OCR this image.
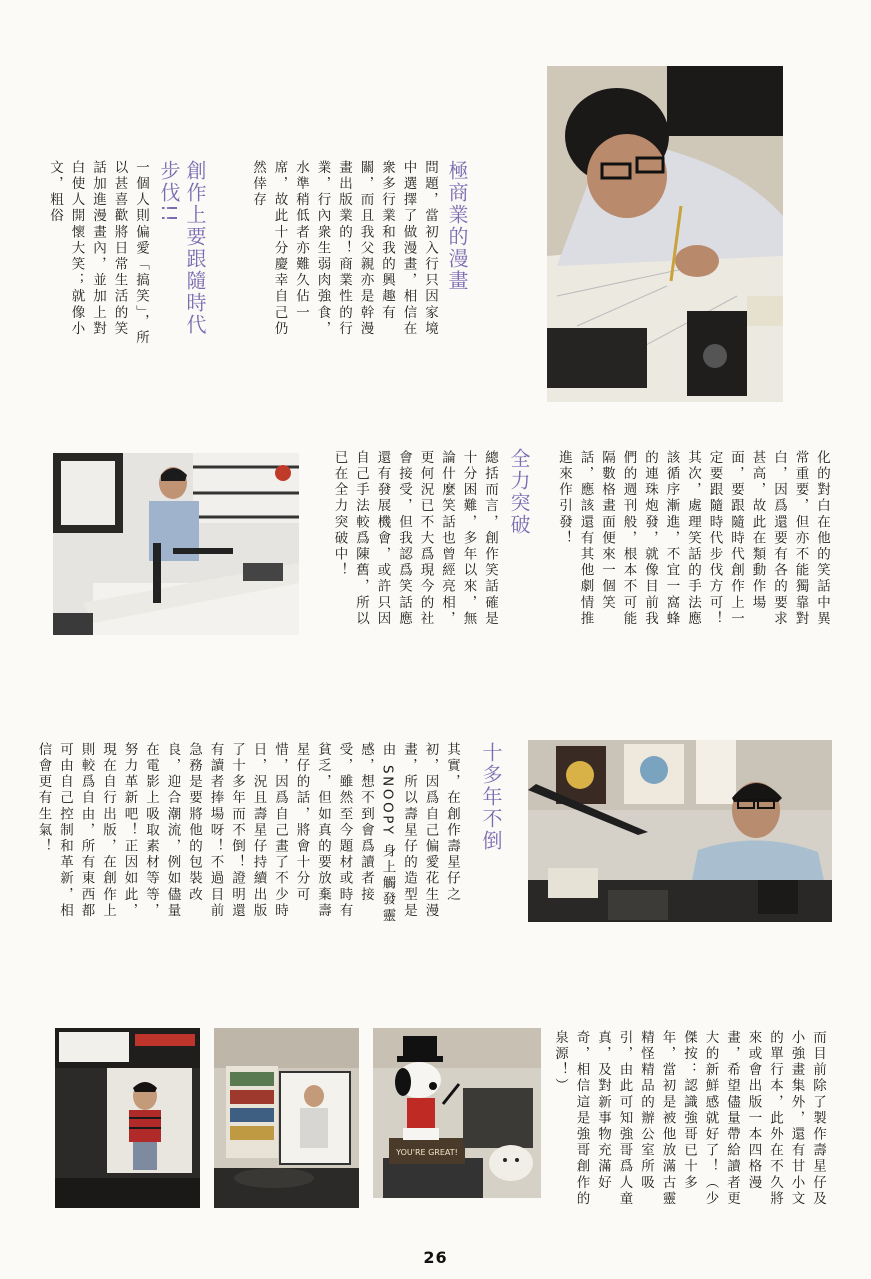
YOU'RE GREAT!
極商業的漫畫
問題，當初入行只因家境中選擇了做漫畫，相信在衆多行業和我的興趣有關，而且我父親亦是幹漫畫出版業的！商業性的行業，行內衆生弱肉強食，水準稍低者亦難久佔一席，故此十分慶幸自己仍然倖存
創作上要跟隨時代步伐!!
一個人則偏愛「搞笑」，所以甚喜歡將日常生活的笑話加進漫畫內，並加上對白使人開懷大笑；就像小文，粗俗
化的對白在他的笑話中異常重要，但亦不能獨靠對白，因爲還要有各的要求甚高，故此在類動作場面，要跟隨時代創作上一定要跟隨時代步伐方可！其次，處理笑話的手法應該循序漸進，不宜一窩蜂的連珠炮發，就像目前我們的週刊般，根本不可能隔數格畫面便來一個笑話，應該還有其他劇情推進來作引發！
全力突破
總括而言，創作笑話確是十分困難，多年以來，無論什麼笑話也曾經亮相，更何況已不大爲現今的社會接受，但我認爲笑話應還有發展機會，或許只因自己手法較爲陳舊，所以已在全力突破中！
十多年不倒
其實，在創作壽星仔之初，因爲自己偏愛花生漫畫，所以壽星仔的造型是由 SNOOPY 身上觸發靈感，想不到會爲讀者接受，雖然至今題材或時有貧乏，但如真的要放棄壽星仔的話，將會十分可惜，因爲自己畫了不少時日，況且壽星仔持續出版了十多年而不倒！證明還有讀者捧場呀！不過目前急務是要將他的包裝改良，迎合潮流，例如儘量在電影上吸取素材等等，努力革新吧！正因如此，現在自行出版，在創作上則較爲自由，所有東西都可由自己控制和革新，相信會更有生氣！
而目前除了製作壽星仔及小強畫集外，還有甘小文的單行本，此外在不久將來或會出版一本四格漫畫，希望儘量帶給讀者更大的新鮮感就好了！（少傑按：認識強哥已十多年，當初是被他放滿古靈精怪精品的辦公室所吸引，由此可知強哥爲人童真，及對新事物充滿好奇，相信這是強哥創作的泉源！）
26
